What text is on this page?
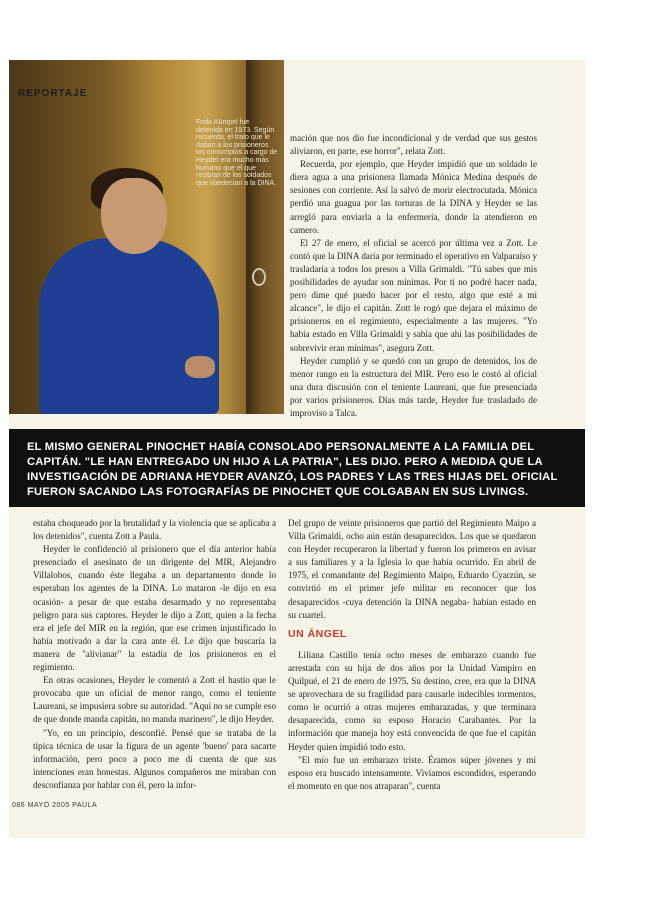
REPORTAJE
Frida Kümpel fue detenida en 1973. Según recuerda, el trato que le daban a los prisioneros los conscriptos a cargo de Heyder era mucho más humano que el que recibían de los soldados que obedecían a la DINA.

mación que nos dio fue incondicional y de verdad que sus gestos aliviaron, en parte, ese horror", relata Zott.

Recuerda, por ejemplo, que Heyder impidió que un soldado le diera agua a una prisionera llamada Mónica Medina después de sesiones con corriente. Así la salvó de morir electrocutada. Mónica perdió una guagua por las torturas de la DINA y Heyder se las arregló para enviarla a la enfermería, donde la atendieron en camero.

El 27 de enero, el oficial se acercó por última vez a Zott. Le contó que la DINA daría por terminado el operativo en Valparaíso y trasladaría a todos los presos a Villa Grimaldi. "Tú sabes que mis posibilidades de ayudar son mínimas. Por ti no podré hacer nada, pero dime qué puedo hacer por el resto, algo que esté a mi alcance", le dijo el capitán. Zott le rogó que dejara el máximo de prisioneros en el regimiento, especialmente a las mujeres. "Yo había estado en Villa Grimaldi y sabía que ahí las posibilidades de sobrevivir eran mínimas", asegura Zott.

Heyder cumplió y se quedó con un grupo de detenidos, los de menor rango en la estructura del MIR. Pero eso le costó al oficial una dura discusión con el teniente Laureani, que fue presenciada por varios prisioneros. Días más tarde, Heyder fue trasladado de improviso a Talca.

EL MISMO GENERAL PINOCHET HABÍA CONSOLADO PERSONALMENTE A LA FAMILIA DEL CAPITÁN. "LE HAN ENTREGADO UN HIJO A LA PATRIA", LES DIJO. PERO A MEDIDA QUE LA INVESTIGACIÓN DE ADRIANA HEYDER AVANZÓ, LOS PADRES Y LAS TRES HIJAS DEL OFICIAL FUERON SACANDO LAS FOTOGRAFÍAS DE PINOCHET QUE COLGABAN EN SUS LIVINGS.

estaba choqueado por la brutalidad y la violencia que se aplicaba a los detenidos", cuenta Zott a Paula.

Heyder le confidenció al prisionero que el día anterior había presenciado el asesinato de un dirigente del MIR, Alejandro Villalobos, cuando éste llegaba a un departamento donde lo esperaban los agentes de la DINA. Lo mataron -le dijo en esa ocasión- a pesar de que estaba desarmado y no representaba peligro para sus captores. Heyder le dijo a Zott, quien a la fecha era el jefe del MIR en la región, que ese crimen injustificado lo había motivado a dar la cara ante él. Le dijo que buscaría la manera de "alivianar" la estadía de los prisioneros en el regimiento.

En otras ocasiones, Heyder le comentó a Zott el hastío que le provocaba que un oficial de menor rango, como el teniente Laureani, se impusiera sobre su autoridad. "Aquí no se cumple eso de que donde manda capitán, no manda marinero", le dijo Heyder.

"Yo, en un principio, desconfié. Pensé que se trataba de la típica técnica de usar la figura de un agente 'bueno' para sacarte información, pero poco a poco me di cuenta de que sus intenciones eran honestas. Algunos compañeros me miraban con desconfianza por hablar con él, pero la infor-

Del grupo de veinte prisioneros que partió del Regimiento Maipo a Villa Grimaldi, ocho aún están desaparecidos. Los que se quedaron con Heyder recuperaron la libertad y fueron los primeros en avisar a sus familiares y a la Iglesia lo que había ocurrido. En abril de 1975, el comandante del Regimiento Maipo, Eduardo Cyarzún, se convirtió en el primer jefe militar en reconocer que los desaparecidos -cuya detención la DINA negaba- habían estado en su cuartel.

UN ÁNGEL

Liliana Castillo tenía ocho meses de embarazo cuando fue arrestada con su hija de dos años por la Unidad Vampiro en Quilpué, el 21 de enero de 1975. Su destino, cree, era que la DINA se aprovechara de su fragilidad para causarle indecibles tormentos, como le ocurrió a otras mujeres embarazadas, y que terminara desaparecida, como su esposo Horacio Carabantes. Por la información que maneja hoy está convencida de que fue el capitán Heyder quien impidió todo esto.

"El mío fue un embarazo triste. Éramos súper jóvenes y mi esposo era buscado intensamente. Vivíamos escondidos, esperando el momento en que nos atraparan", cuenta

086 MAYO 2005 PAULA
